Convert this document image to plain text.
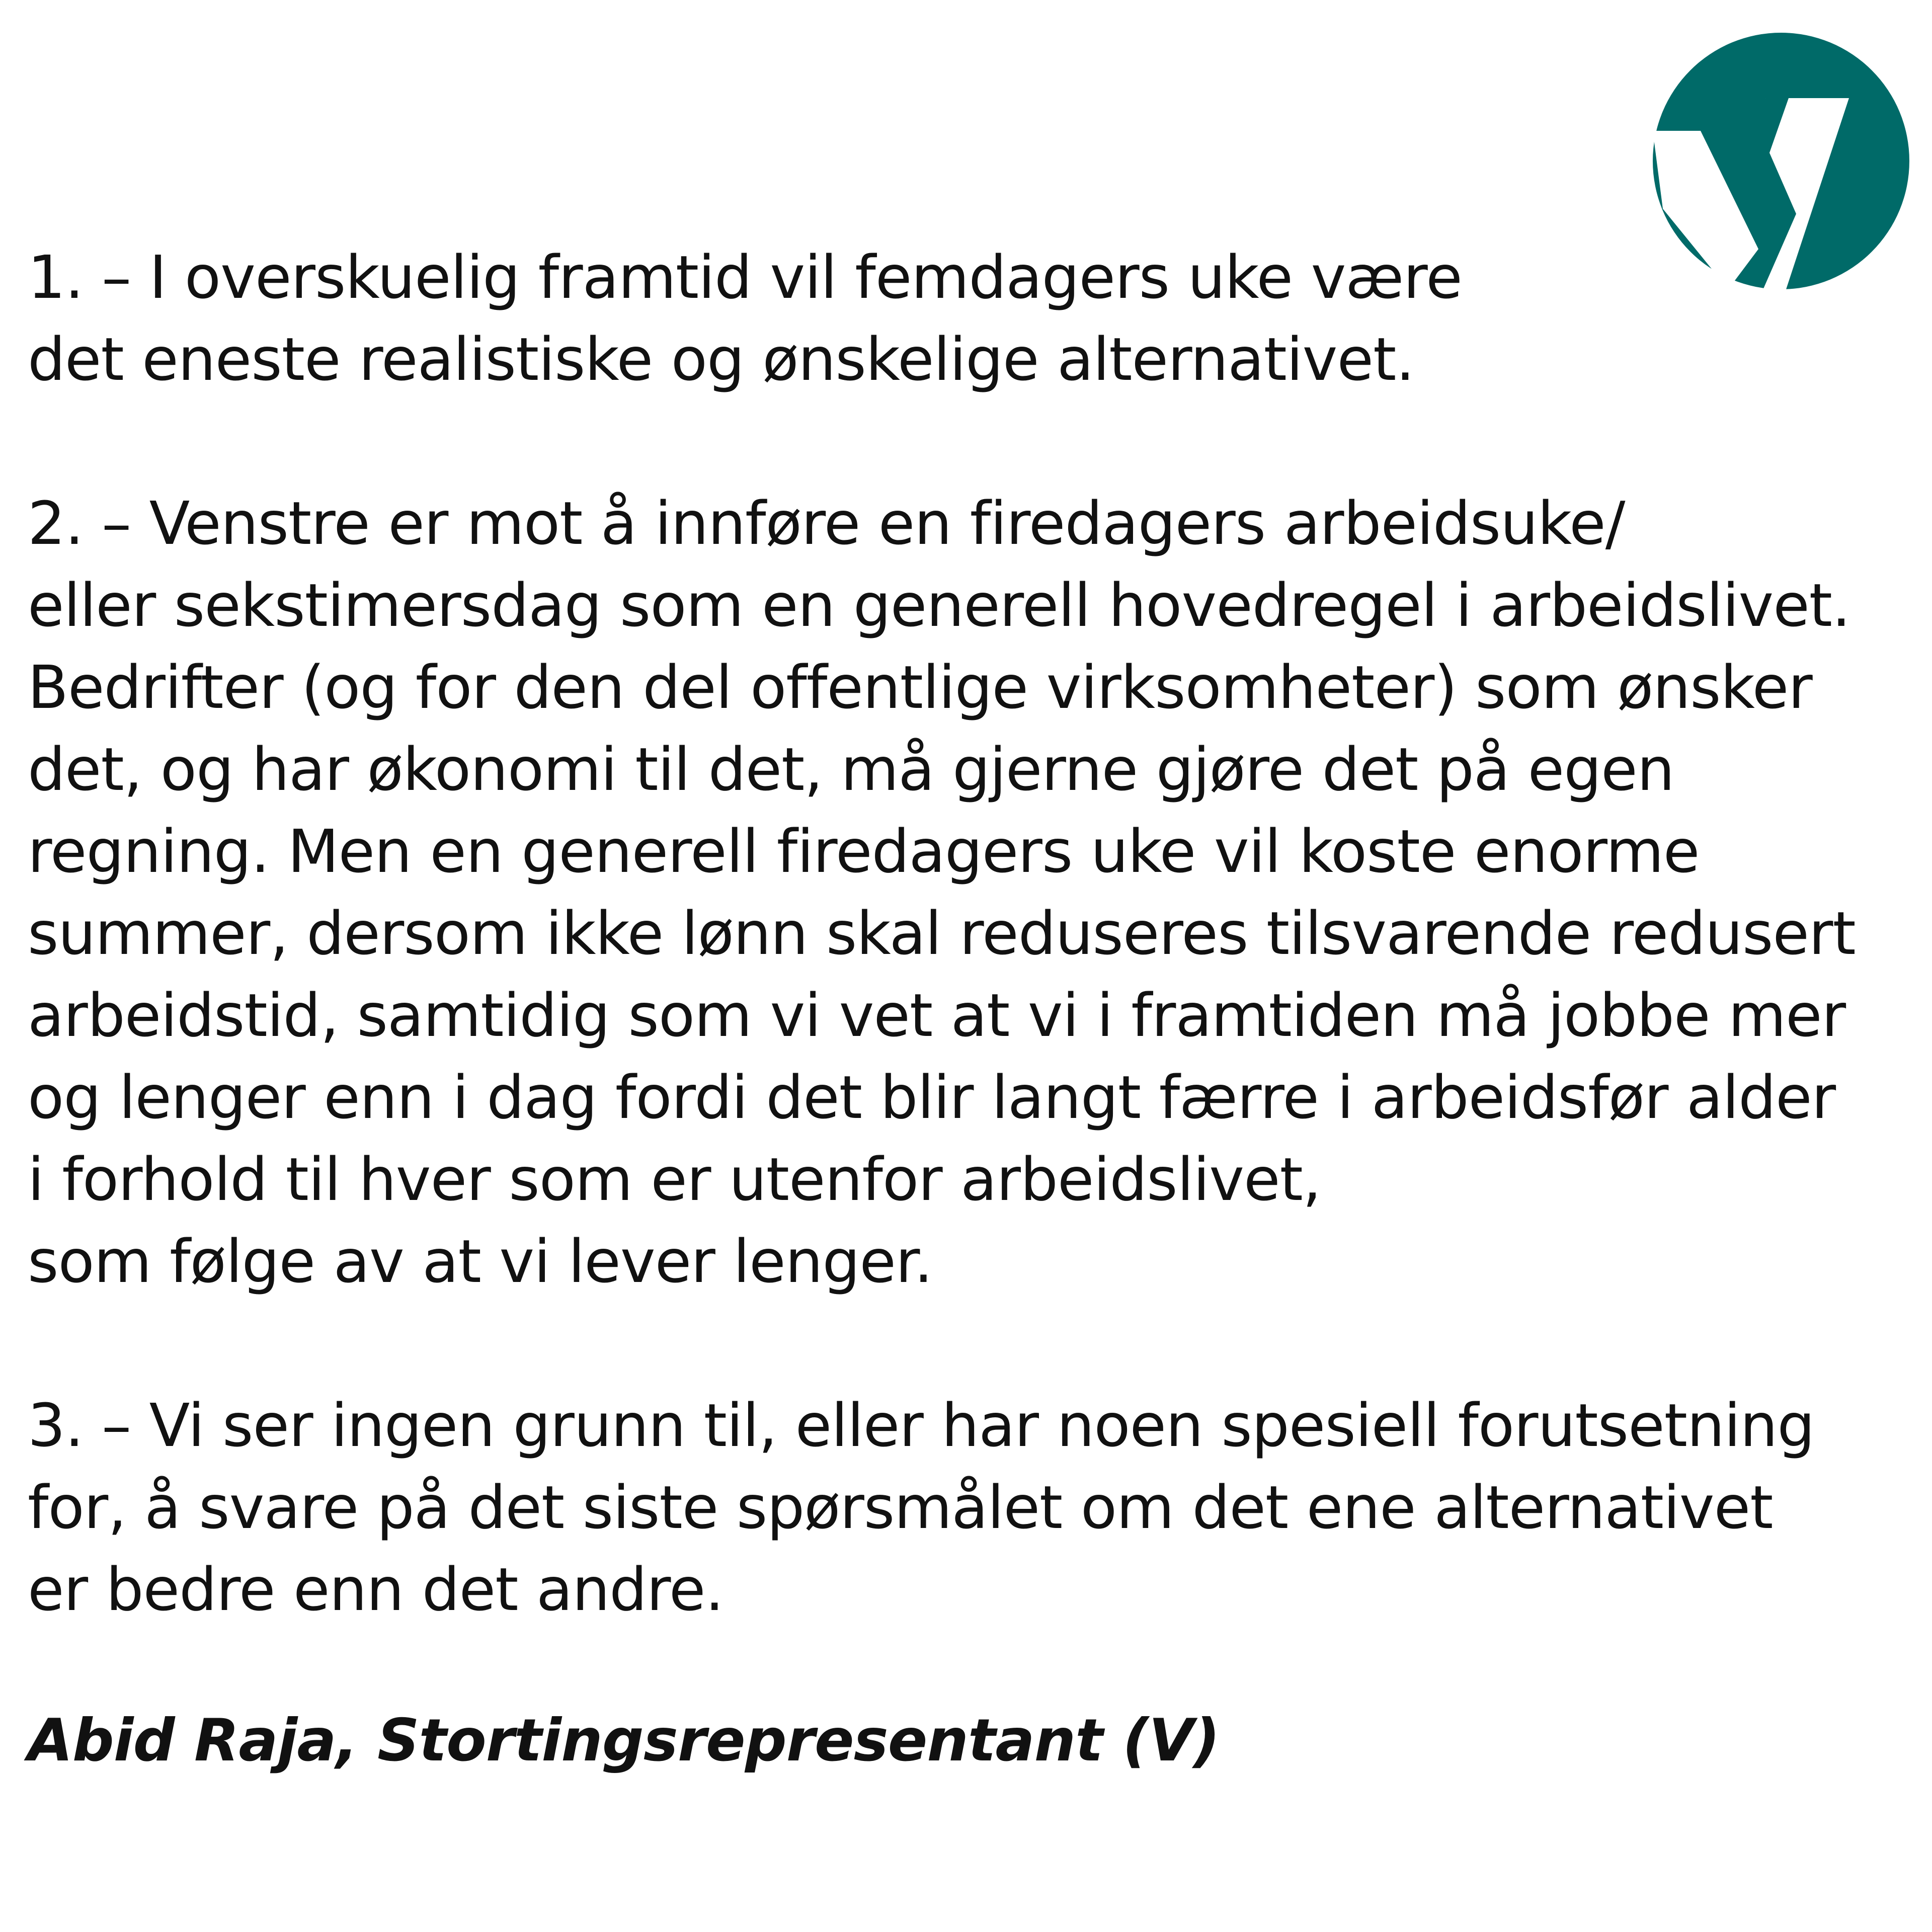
1. – I overskuelig framtid vil femdagers uke være
det eneste realistiske og ønskelige alternativet.
2. – Venstre er mot å innføre en firedagers arbeidsuke/
eller sekstimersdag som en generell hovedregel i arbeidslivet.
Bedrifter (og for den del offentlige virksomheter) som ønsker
det, og har økonomi til det, må gjerne gjøre det på egen
regning. Men en generell firedagers uke vil koste enorme
summer, dersom ikke lønn skal reduseres tilsvarende redusert
arbeidstid, samtidig som vi vet at vi i framtiden må jobbe mer
og lenger enn i dag fordi det blir langt færre i arbeidsfør alder
i forhold til hver som er utenfor arbeidslivet,
som følge av at vi lever lenger.
3. – Vi ser ingen grunn til, eller har noen spesiell forutsetning
for, å svare på det siste spørsmålet om det ene alternativet
er bedre enn det andre.
Abid Raja, Stortingsrepresentant (V)
